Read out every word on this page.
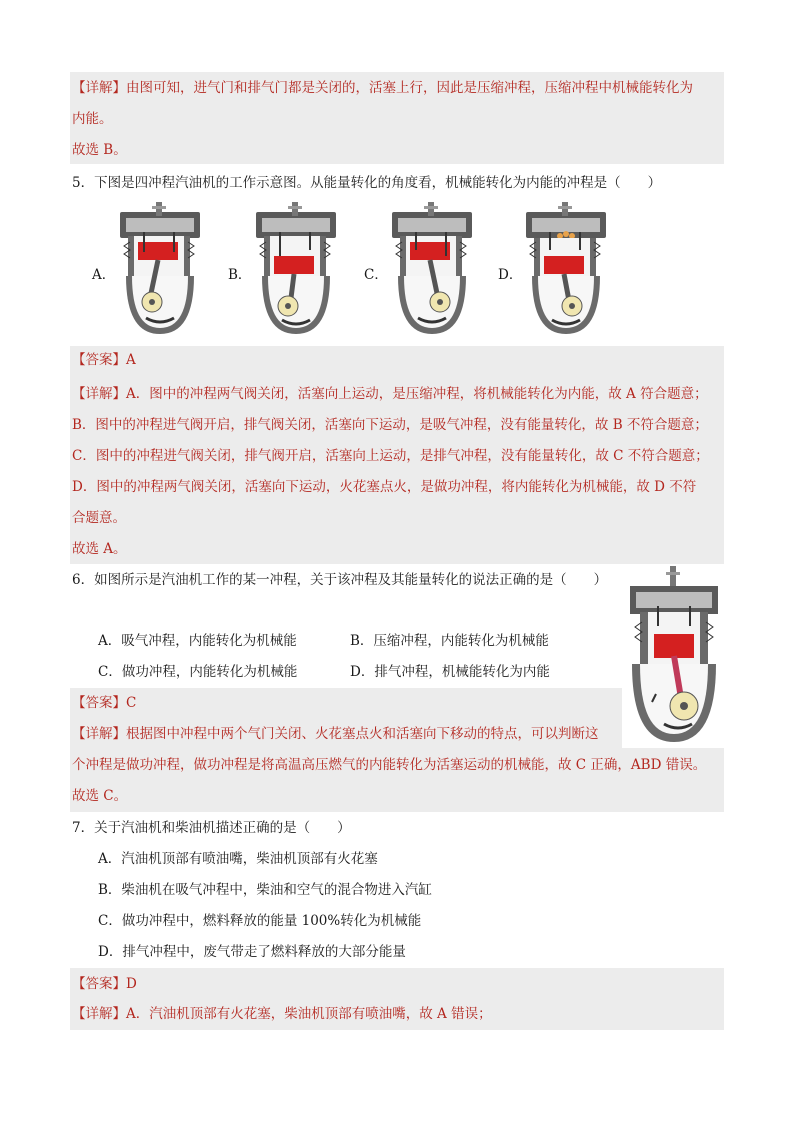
【详解】由图可知，进气门和排气门都是关闭的，活塞上行，因此是压缩冲程，压缩冲程中机械能转化为
内能。
故选 B。
5．下图是四冲程汽油机的工作示意图。从能量转化的角度看，机械能转化为内能的冲程是（　　）
A．	B．	C．	D．
【答案】A
【详解】A．图中的冲程两气阀关闭，活塞向上运动，是压缩冲程，将机械能转化为内能，故 A 符合题意；
B．图中的冲程进气阀开启，排气阀关闭，活塞向下运动，是吸气冲程，没有能量转化，故 B 不符合题意；
C．图中的冲程进气阀关闭，排气阀开启，活塞向上运动，是排气冲程，没有能量转化，故 C 不符合题意；
D．图中的冲程两气阀关闭，活塞向下运动，火花塞点火，是做功冲程，将内能转化为机械能，故 D 不符
合题意。
故选 A。
6．如图所示是汽油机工作的某一冲程，关于该冲程及其能量转化的说法正确的是（　　）
A．吸气冲程，内能转化为机械能	B．压缩冲程，内能转化为机械能
C．做功冲程，内能转化为机械能	D．排气冲程，机械能转化为内能
【答案】C
【详解】根据图中冲程中两个气门关闭、火花塞点火和活塞向下移动的特点，可以判断这
个冲程是做功冲程，做功冲程是将高温高压燃气的内能转化为活塞运动的机械能，故 C 正确，ABD 错误。
故选 C。
7．关于汽油机和柴油机描述正确的是（　　）
A．汽油机顶部有喷油嘴，柴油机顶部有火花塞
B．柴油机在吸气冲程中，柴油和空气的混合物进入汽缸
C．做功冲程中，燃料释放的能量 100%转化为机械能
D．排气冲程中，废气带走了燃料释放的大部分能量
【答案】D
【详解】A．汽油机顶部有火花塞，柴油机顶部有喷油嘴，故 A 错误；
